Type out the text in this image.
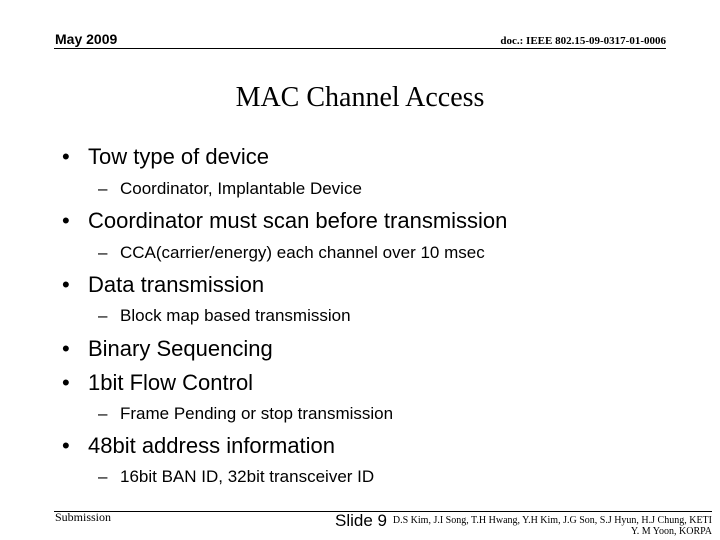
May 2009	doc.: IEEE 802.15-09-0317-01-0006
MAC Channel Access
• Tow type of device
– Coordinator, Implantable Device
• Coordinator must scan before transmission
– CCA(carrier/energy) each channel over 10 msec
• Data transmission
– Block map based transmission
• Binary Sequencing
• 1bit Flow Control
– Frame Pending or stop transmission
• 48bit address information
– 16bit BAN ID, 32bit transceiver ID
Submission	Slide 9 D.S Kim, J.I Song, T.H Hwang, Y.H Kim, J.G Son, S.J Hyun, H.J Chung, KETI
Y. M Yoon, KORPA
